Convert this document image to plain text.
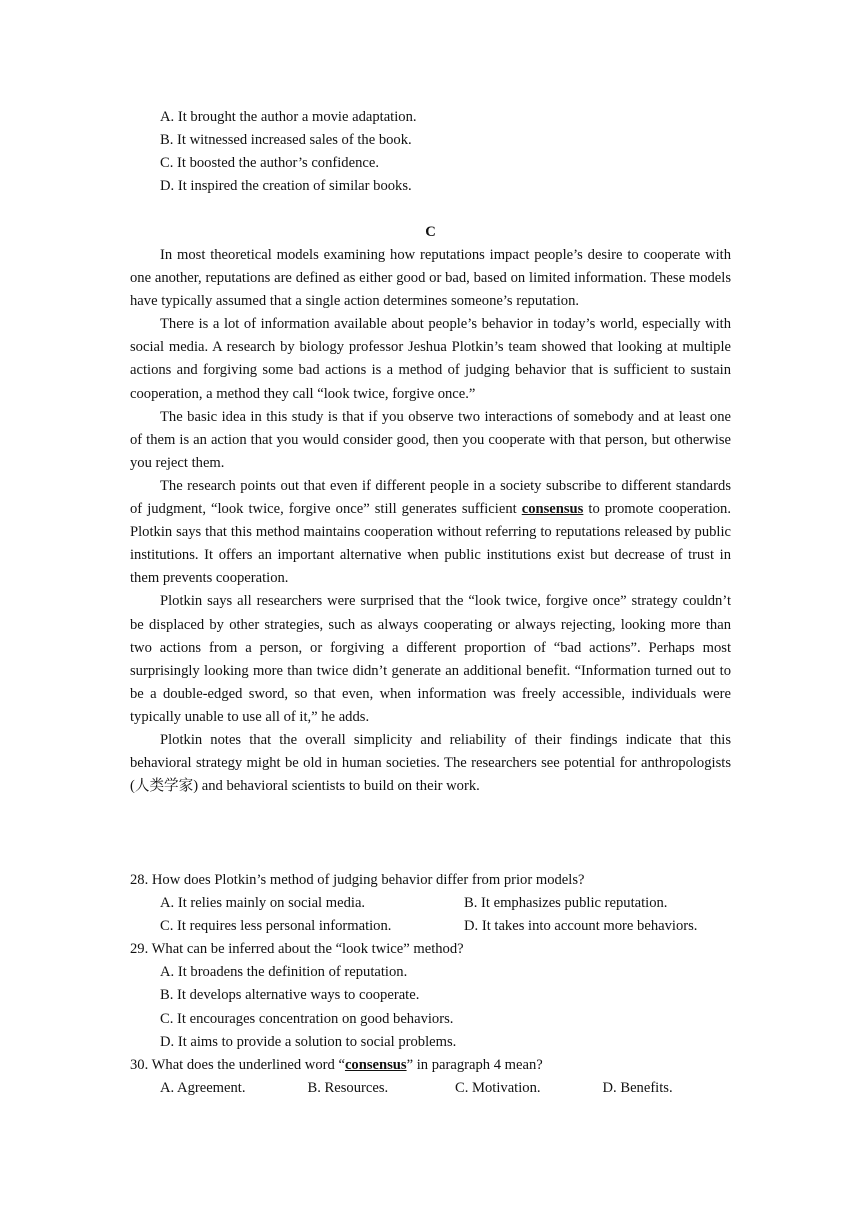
A. It brought the author a movie adaptation.
B. It witnessed increased sales of the book.
C. It boosted the author’s confidence.
D. It inspired the creation of similar books.
C

In most theoretical models examining how reputations impact people’s desire to cooperate with one another, reputations are defined as either good or bad, based on limited information. These models have typically assumed that a single action determines someone’s reputation.

There is a lot of information available about people’s behavior in today’s world, especially with social media. A research by biology professor Jeshua Plotkin’s team showed that looking at multiple actions and forgiving some bad actions is a method of judging behavior that is sufficient to sustain cooperation, a method they call “look twice, forgive once.”

The basic idea in this study is that if you observe two interactions of somebody and at least one of them is an action that you would consider good, then you cooperate with that person, but otherwise you reject them.

The research points out that even if different people in a society subscribe to different standards of judgment, “look twice, forgive once” still generates sufficient consensus to promote cooperation. Plotkin says that this method maintains cooperation without referring to reputations released by public institutions. It offers an important alternative when public institutions exist but decrease of trust in them prevents cooperation.

Plotkin says all researchers were surprised that the “look twice, forgive once” strategy couldn’t be displaced by other strategies, such as always cooperating or always rejecting, looking more than two actions from a person, or forgiving a different proportion of “bad actions”. Perhaps most surprisingly looking more than twice didn’t generate an additional benefit. “Information turned out to be a double-edged sword, so that even, when information was freely accessible, individuals were typically unable to use all of it,” he adds.

Plotkin notes that the overall simplicity and reliability of their findings indicate that this behavioral strategy might be old in human societies. The researchers see potential for anthropologists (人类学家) and behavioral scientists to build on their work.

28. How does Plotkin’s method of judging behavior differ from prior models?
A. It relies mainly on social media.	B. It emphasizes public reputation.
C. It requires less personal information.	D. It takes into account more behaviors.
29. What can be inferred about the “look twice” method?
A. It broadens the definition of reputation.
B. It develops alternative ways to cooperate.
C. It encourages concentration on good behaviors.
D. It aims to provide a solution to social problems.
30. What does the underlined word “consensus” in paragraph 4 mean?
A. Agreement.	B. Resources.	C. Motivation.	D. Benefits.
